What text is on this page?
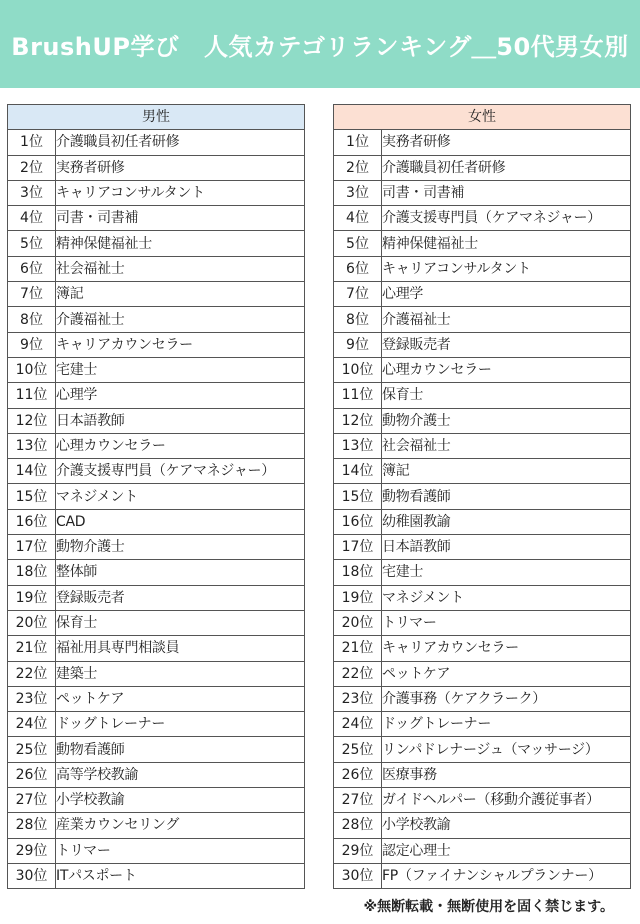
BrushUP学び　人気カテゴリランキング＿50代男女別
男性	
1位	介護職員初任者研修
2位	実務者研修
3位	キャリアコンサルタント
4位	司書・司書補
5位	精神保健福祉士
6位	社会福祉士
7位	簿記
8位	介護福祉士
9位	キャリアカウンセラー
10位	宅建士
11位	心理学
12位	日本語教師
13位	心理カウンセラー
14位	介護支援専門員（ケアマネジャー）
15位	マネジメント
16位	CAD
17位	動物介護士
18位	整体師
19位	登録販売者
20位	保育士
21位	福祉用具専門相談員
22位	建築士
23位	ペットケア
24位	ドッグトレーナー
25位	動物看護師
26位	高等学校教諭
27位	小学校教諭
28位	産業カウンセリング
29位	トリマー
30位	ITパスポート
女性	
1位	実務者研修
2位	介護職員初任者研修
3位	司書・司書補
4位	介護支援専門員（ケアマネジャー）
5位	精神保健福祉士
6位	キャリアコンサルタント
7位	心理学
8位	介護福祉士
9位	登録販売者
10位	心理カウンセラー
11位	保育士
12位	動物介護士
13位	社会福祉士
14位	簿記
15位	動物看護師
16位	幼稚園教諭
17位	日本語教師
18位	宅建士
19位	マネジメント
20位	トリマー
21位	キャリアカウンセラー
22位	ペットケア
23位	介護事務（ケアクラーク）
24位	ドッグトレーナー
25位	リンパドレナージュ（マッサージ）
26位	医療事務
27位	ガイドヘルパー（移動介護従事者）
28位	小学校教諭
29位	認定心理士
30位	FP（ファイナンシャルプランナー）
※無断転載・無断使用を固く禁じます。
